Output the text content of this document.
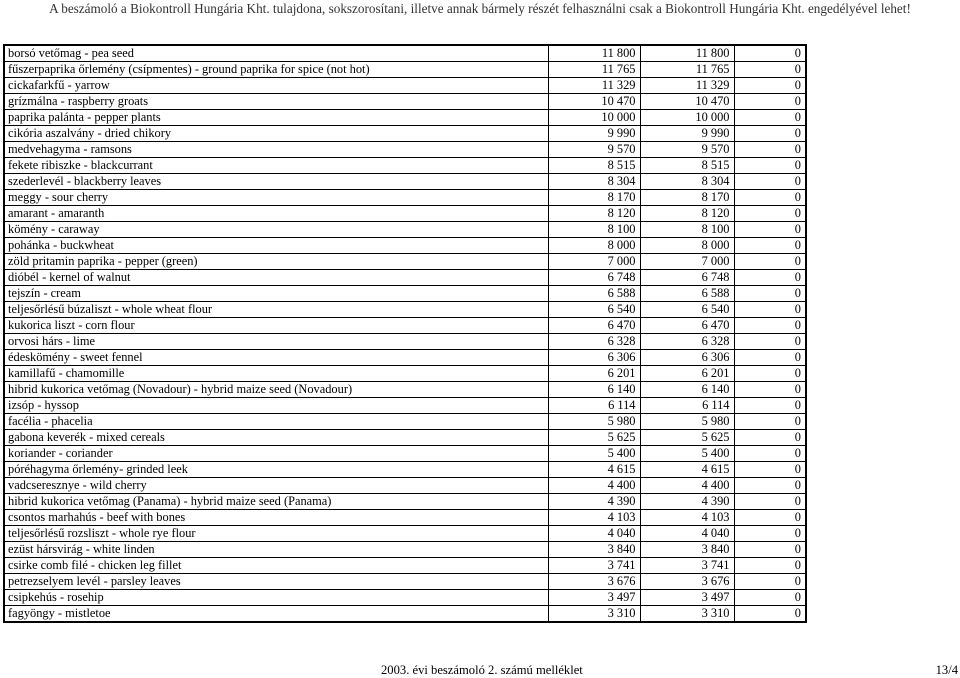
A beszámoló a Biokontroll Hungária Kht. tulajdona, sokszorosítani, illetve annak bármely részét felhasználni csak a Biokontroll Hungária Kht. engedélyével lehet!
borsó vetőmag - pea seed	11 800	11 800	0
fűszerpaprika őrlemény (csípmentes) - ground paprika for spice (not hot)	11 765	11 765	0
cickafarkfű - yarrow	11 329	11 329	0
grízmálna - raspberry groats	10 470	10 470	0
paprika palánta - pepper plants	10 000	10 000	0
cikória aszalvány - dried chikory	9 990	9 990	0
medvehagyma - ramsons	9 570	9 570	0
fekete ribiszke - blackcurrant	8 515	8 515	0
szederlevél - blackberry leaves	8 304	8 304	0
meggy - sour cherry	8 170	8 170	0
amarant - amaranth	8 120	8 120	0
kömény - caraway	8 100	8 100	0
pohánka - buckwheat	8 000	8 000	0
zöld pritamin paprika - pepper (green)	7 000	7 000	0
dióbél - kernel of walnut	6 748	6 748	0
tejszín - cream	6 588	6 588	0
teljesőrlésű búzaliszt - whole wheat flour	6 540	6 540	0
kukorica liszt - corn flour	6 470	6 470	0
orvosi hárs - lime	6 328	6 328	0
édeskömény - sweet fennel	6 306	6 306	0
kamillafű - chamomille	6 201	6 201	0
hibrid kukorica vetőmag (Novadour) - hybrid maize seed (Novadour)	6 140	6 140	0
izsóp - hyssop	6 114	6 114	0
facélia - phacelia	5 980	5 980	0
gabona keverék - mixed cereals	5 625	5 625	0
koriander - coriander	5 400	5 400	0
póréhagyma őrlemény- grinded leek	4 615	4 615	0
vadcseresznye - wild cherry	4 400	4 400	0
hibrid kukorica vetőmag (Panama) - hybrid maize seed (Panama)	4 390	4 390	0
csontos marhahús - beef with bones	4 103	4 103	0
teljesőrlésű rozsliszt - whole rye flour	4 040	4 040	0
ezüst hársvirág - white linden	3 840	3 840	0
csirke comb filé - chicken leg fillet	3 741	3 741	0
petrezselyem levél - parsley leaves	3 676	3 676	0
csipkehús - rosehip	3 497	3 497	0
fagyöngy - mistletoe	3 310	3 310	0
2003. évi beszámoló 2. számú melléklet	13/4
